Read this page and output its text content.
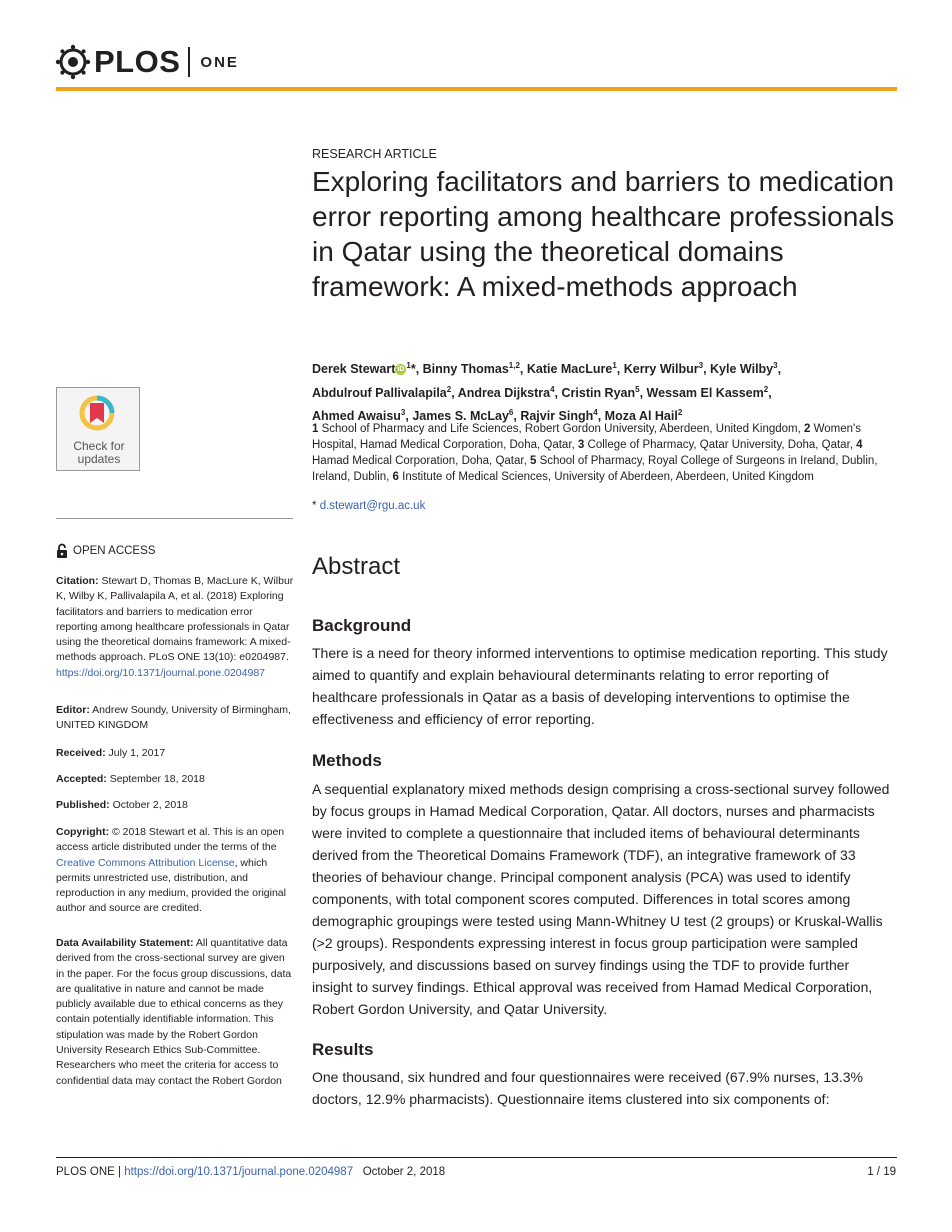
PLOS ONE
Check for
updates
OPEN ACCESS
Citation: Stewart D, Thomas B, MacLure K, Wilbur K, Wilby K, Pallivalapila A, et al. (2018) Exploring facilitators and barriers to medication error reporting among healthcare professionals in Qatar using the theoretical domains framework: A mixed-methods approach. PLoS ONE 13(10): e0204987. https://doi.org/10.1371/journal.pone.0204987
Editor: Andrew Soundy, University of Birmingham, UNITED KINGDOM
Received: July 1, 2017
Accepted: September 18, 2018
Published: October 2, 2018
Copyright: © 2018 Stewart et al. This is an open access article distributed under the terms of the Creative Commons Attribution License, which permits unrestricted use, distribution, and reproduction in any medium, provided the original author and source are credited.
Data Availability Statement: All quantitative data derived from the cross-sectional survey are given in the paper. For the focus group discussions, data are qualitative in nature and cannot be made publicly available due to ethical concerns as they contain potentially identifiable information. This stipulation was made by the Robert Gordon University Research Ethics Sub-Committee. Researchers who meet the criteria for access to confidential data may contact the Robert Gordon
RESEARCH ARTICLE
Exploring facilitators and barriers to medication error reporting among healthcare professionals in Qatar using the theoretical domains framework: A mixed-methods approach
Derek Stewart iD $^1$*, Binny Thomas$^{1,2}$, Katie MacLure$^1$, Kerry Wilbur$^3$, Kyle Wilby$^3$,
Abdulrouf Pallivalapila$^2$, Andrea Dijkstra$^4$, Cristin Ryan$^5$, Wessam El Kassem$^2$,
Ahmed Awaisu$^3$, James S. McLay$^6$, Rajvir Singh$^4$, Moza Al Hail$^2$
1 School of Pharmacy and Life Sciences, Robert Gordon University, Aberdeen, United Kingdom, 2 Women's Hospital, Hamad Medical Corporation, Doha, Qatar, 3 College of Pharmacy, Qatar University, Doha, Qatar, 4 Hamad Medical Corporation, Doha, Qatar, 5 School of Pharmacy, Royal College of Surgeons in Ireland, Dublin, Ireland, Dublin, 6 Institute of Medical Sciences, University of Aberdeen, Aberdeen, United Kingdom
* d.stewart@rgu.ac.uk
Abstract
Background
There is a need for theory informed interventions to optimise medication reporting. This study aimed to quantify and explain behavioural determinants relating to error reporting of healthcare professionals in Qatar as a basis of developing interventions to optimise the effectiveness and efficiency of error reporting.
Methods
A sequential explanatory mixed methods design comprising a cross-sectional survey followed by focus groups in Hamad Medical Corporation, Qatar. All doctors, nurses and pharmacists were invited to complete a questionnaire that included items of behavioural determinants derived from the Theoretical Domains Framework (TDF), an integrative framework of 33 theories of behaviour change. Principal component analysis (PCA) was used to identify components, with total component scores computed. Differences in total scores among demographic groupings were tested using Mann-Whitney U test (2 groups) or Kruskal-Wallis (>2 groups). Respondents expressing interest in focus group participation were sampled purposively, and discussions based on survey findings using the TDF to provide further insight to survey findings. Ethical approval was received from Hamad Medical Corporation, Robert Gordon University, and Qatar University.
Results
One thousand, six hundred and four questionnaires were received (67.9% nurses, 13.3% doctors, 12.9% pharmacists). Questionnaire items clustered into six components of:
PLOS ONE | https://doi.org/10.1371/journal.pone.0204987 October 2, 2018	1 / 19
